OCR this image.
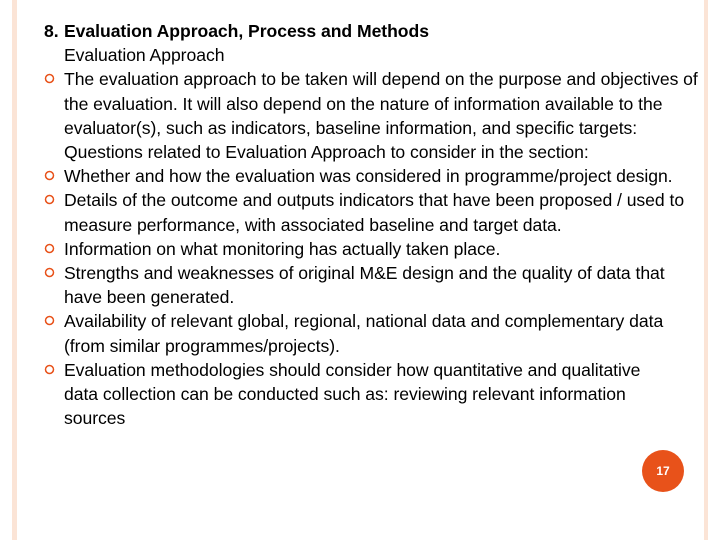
8. Evaluation Approach, Process and Methods
Evaluation Approach
The evaluation approach to be taken will depend on the purpose and objectives of the evaluation. It will also depend on the nature of information available to the evaluator(s), such as indicators, baseline information, and specific targets: Questions related to Evaluation Approach to consider in the section:
Whether and how the evaluation was considered in programme/project design.
Details of the outcome and outputs indicators that have been proposed / used to measure performance, with associated baseline and target data.
Information on what monitoring has actually taken place.
Strengths and weaknesses of original M&E design and the quality of data that have been generated.
Availability of relevant global, regional, national data and complementary data (from similar programmes/projects).
Evaluation methodologies should consider how quantitative and qualitative data collection can be conducted such as: reviewing relevant information sources
17
